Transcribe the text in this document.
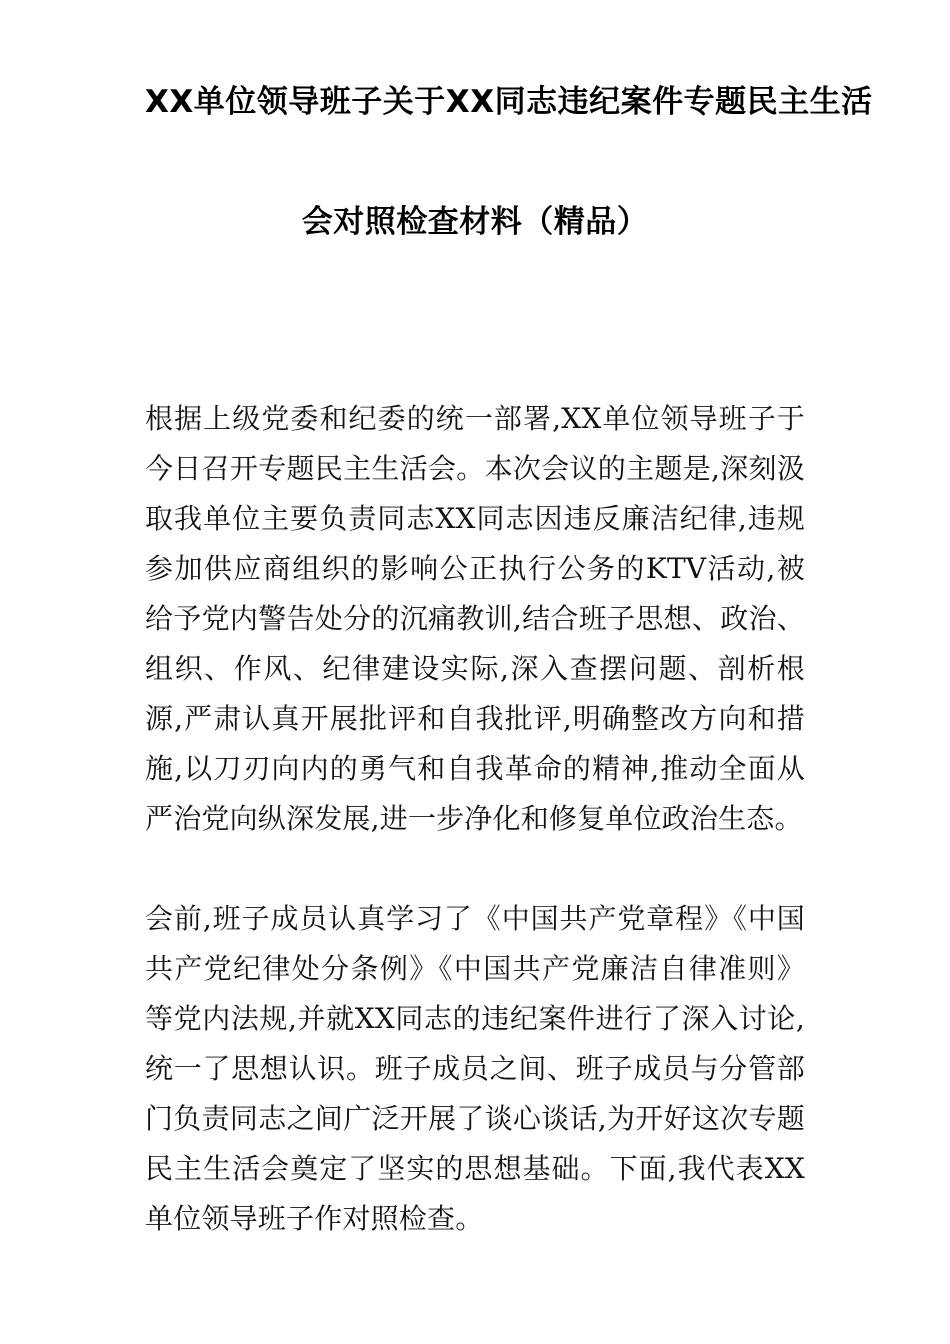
XX单位领导班子关于XX同志违纪案件专题民主生活
会对照检查材料（精品）

根据上级党委和纪委的统一部署,XX单位领导班子于今日召开专题民主生活会。本次会议的主题是,深刻汲取我单位主要负责同志XX同志因违反廉洁纪律,违规参加供应商组织的影响公正执行公务的KTV活动,被给予党内警告处分的沉痛教训,结合班子思想、政治、组织、作风、纪律建设实际,深入查摆问题、剖析根源,严肃认真开展批评和自我批评,明确整改方向和措施,以刀刃向内的勇气和自我革命的精神,推动全面从严治党向纵深发展,进一步净化和修复单位政治生态。

会前,班子成员认真学习了《中国共产党章程》《中国共产党纪律处分条例》《中国共产党廉洁自律准则》等党内法规,并就XX同志的违纪案件进行了深入讨论,统一了思想认识。班子成员之间、班子成员与分管部门负责同志之间广泛开展了谈心谈话,为开好这次专题民主生活会奠定了坚实的思想基础。下面,我代表XX单位领导班子作对照检查。
